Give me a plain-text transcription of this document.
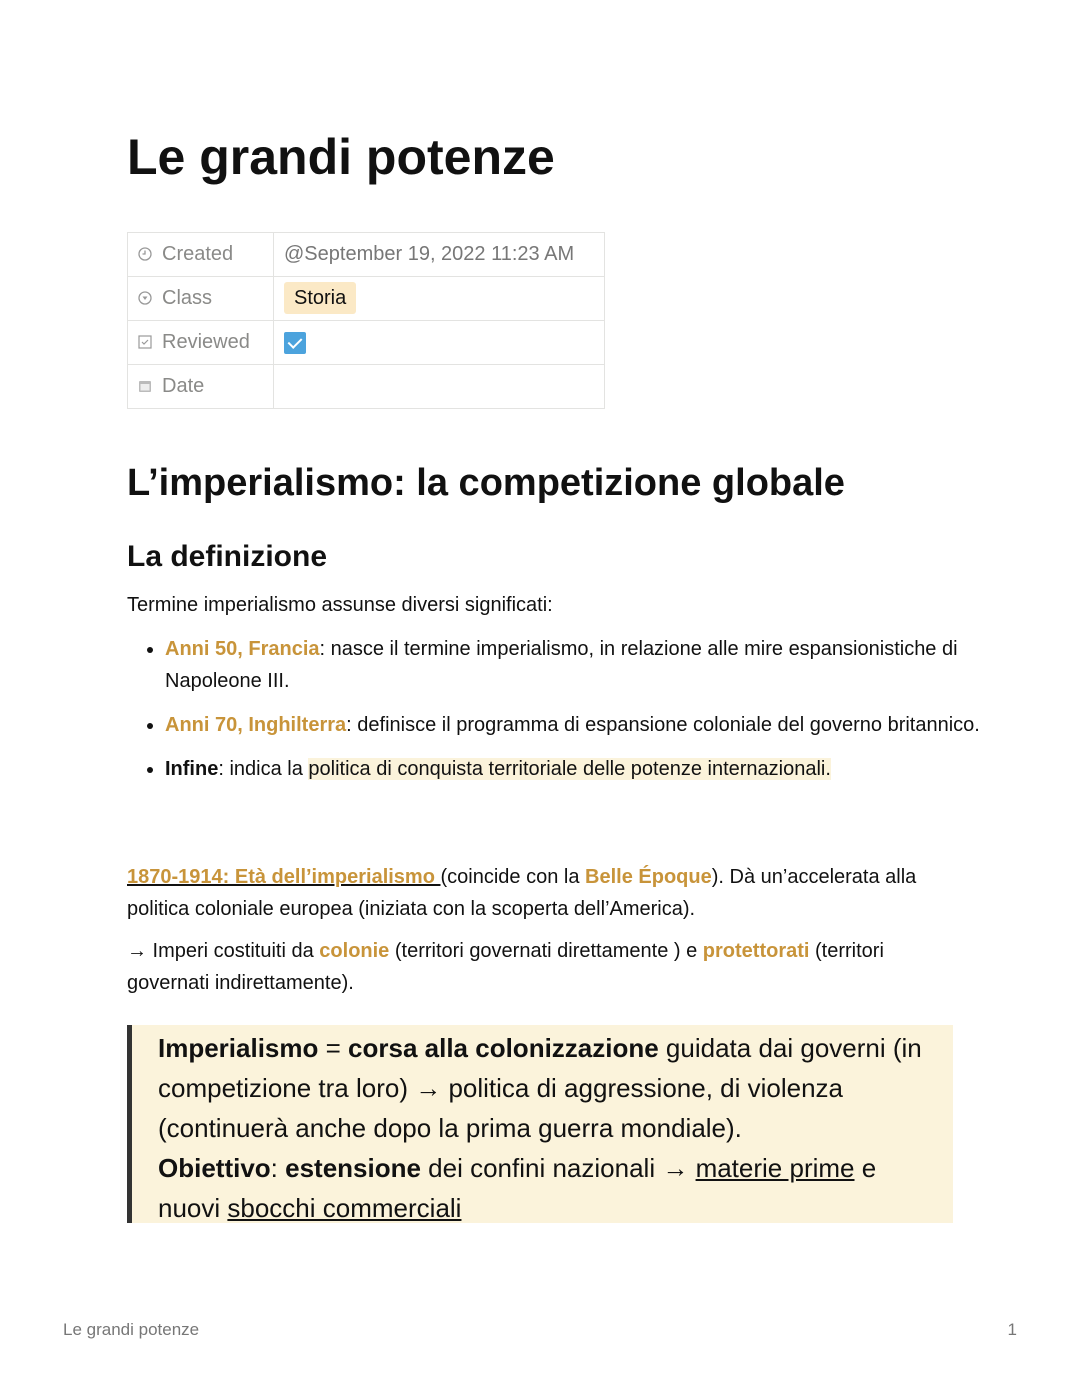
Le grandi potenze
Created	@September 19, 2022 11:23 AM
Class	Storia
Reviewed	
Date	
L’imperialismo: la competizione globale
La definizione
Termine imperialismo assunse diversi significati:
• Anni 50, Francia: nasce il termine imperialismo, in relazione alle mire espansionistiche di Napoleone III.
• Anni 70, Inghilterra: definisce il programma di espansione coloniale del governo britannico.
• Infine: indica la politica di conquista territoriale delle potenze internazionali.
1870-1914: Età dell’imperialismo (coincide con la Belle Époque). Dà un’accelerata alla politica coloniale europea (iniziata con la scoperta dell’America).
→ Imperi costituiti da colonie (territori governati direttamente ) e protettorati (territori governati indirettamente).
Imperialismo = corsa alla colonizzazione guidata dai governi (in competizione tra loro) → politica di aggressione, di violenza (continuerà anche dopo la prima guerra mondiale).
Obiettivo: estensione dei confini nazionali → materie prime e nuovi sbocchi commerciali
Le grandi potenze	1
